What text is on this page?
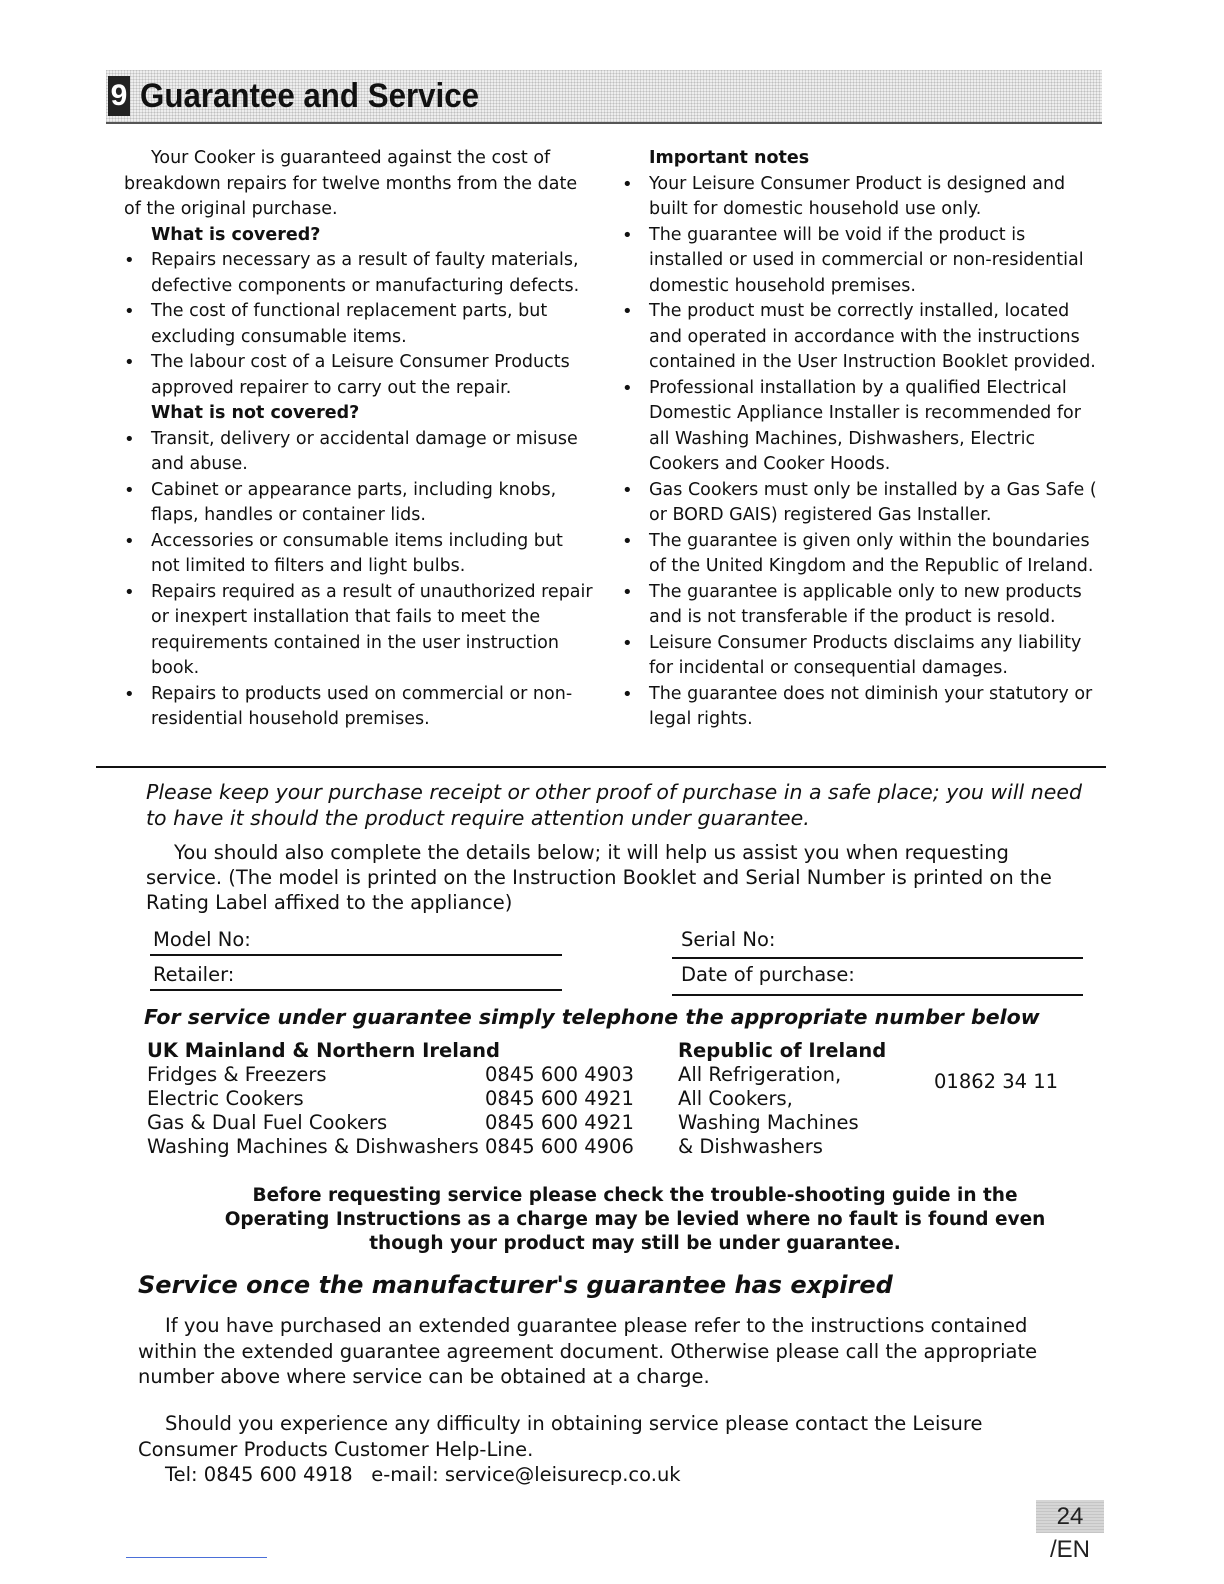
9 Guarantee and Service

Your Cooker is guaranteed against the cost of breakdown repairs for twelve months from the date of the original purchase.

What is covered?
• Repairs necessary as a result of faulty materials, defective components or manufacturing defects.
• The cost of functional replacement parts, but excluding consumable items.
• The labour cost of a Leisure Consumer Products approved repairer to carry out the repair.
What is not covered?
• Transit, delivery or accidental damage or misuse and abuse.
• Cabinet or appearance parts, including knobs, flaps, handles or container lids.
• Accessories or consumable items including but not limited to filters and light bulbs.
• Repairs required as a result of unauthorized repair or inexpert installation that fails to meet the requirements contained in the user instruction book.
• Repairs to products used on commercial or non-residential household premises.
Important notes
• Your Leisure Consumer Product is designed and built for domestic household use only.
• The guarantee will be void if the product is installed or used in commercial or non-residential domestic household premises.
• The product must be correctly installed, located and operated in accordance with the instructions contained in the User Instruction Booklet provided.
• Professional installation by a qualified Electrical Domestic Appliance Installer is recommended for all Washing Machines, Dishwashers, Electric Cookers and Cooker Hoods.
• Gas Cookers must only be installed by a Gas Safe ( or BORD GAIS) registered Gas Installer.
• The guarantee is given only within the boundaries of the United Kingdom and the Republic of Ireland.
• The guarantee is applicable only to new products and is not transferable if the product is resold.
• Leisure Consumer Products disclaims any liability for incidental or consequential damages.
• The guarantee does not diminish your statutory or legal rights.

Please keep your purchase receipt or other proof of purchase in a safe place; you will need to have it should the product require attention under guarantee.

You should also complete the details below; it will help us assist you when requesting service. (The model is printed on the Instruction Booklet and Serial Number is printed on the Rating Label affixed to the appliance)

Model No:	Serial No:
Retailer:	Date of purchase:
For service under guarantee simply telephone the appropriate number below
UK Mainland & Northern Ireland
Fridges & Freezers
Electric Cookers
Gas & Dual Fuel Cookers
Washing Machines & Dishwashers
0845 600 4903
0845 600 4921
0845 600 4921
0845 600 4906
Republic of Ireland
All Refrigeration,
All Cookers,
Washing Machines
& Dishwashers
01862 34 11

Before requesting service please check the trouble-shooting guide in the Operating Instructions as a charge may be levied where no fault is found even though your product may still be under guarantee.

Service once the manufacturer's guarantee has expired

If you have purchased an extended guarantee please refer to the instructions contained within the extended guarantee agreement document. Otherwise please call the appropriate number above where service can be obtained at a charge.

Should you experience any difficulty in obtaining service please contact the Leisure Consumer Products Customer Help-Line.

Tel: 0845 600 4918 e-mail: service@leisurecp.co.uk
24 /EN
